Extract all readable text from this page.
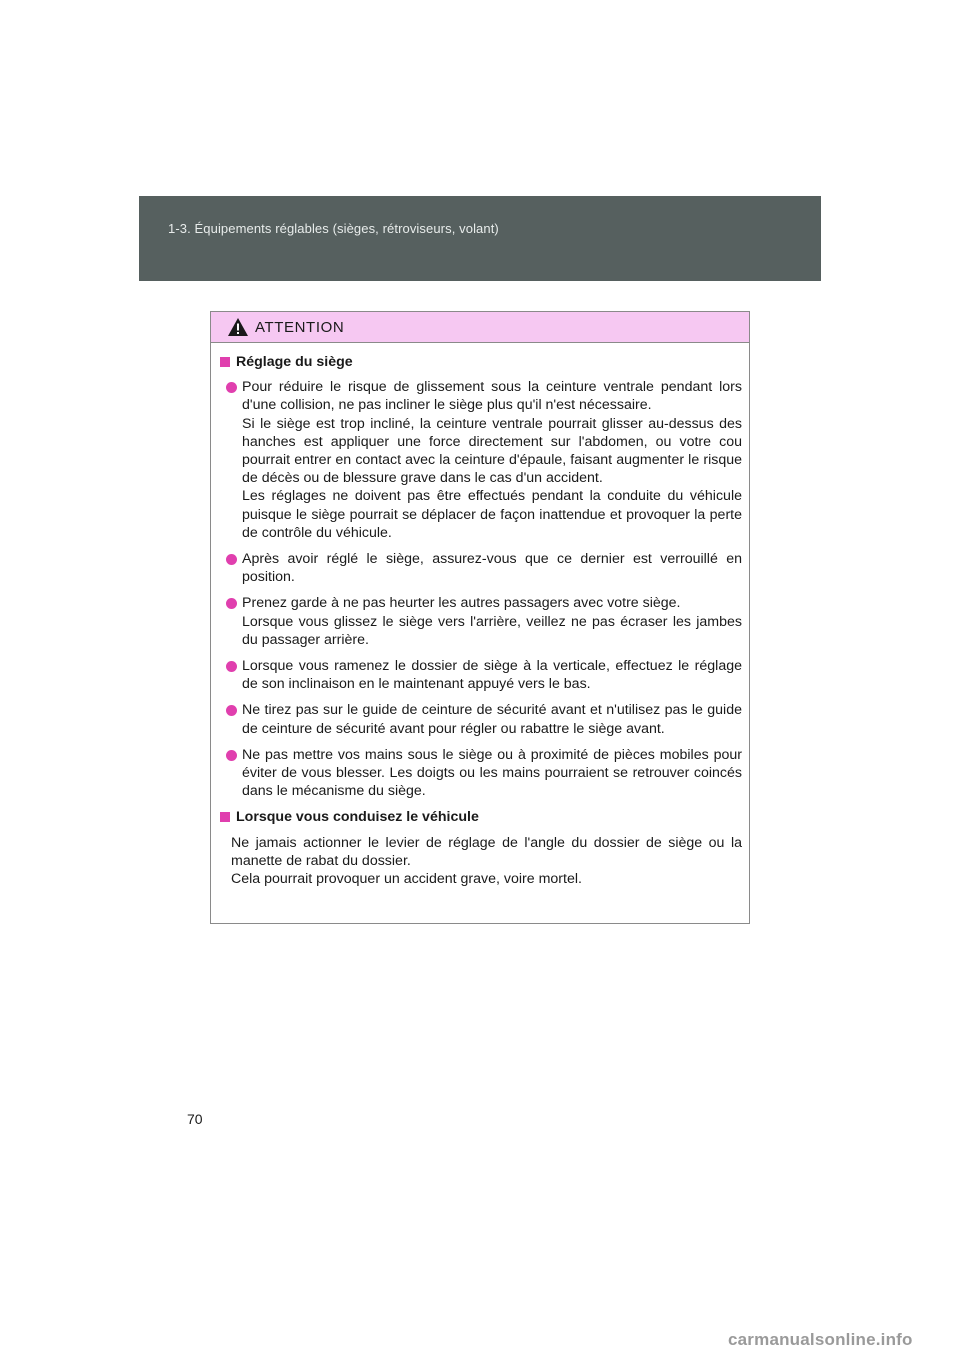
1-3. Équipements réglables (sièges, rétroviseurs, volant)
ATTENTION
Réglage du siège
Pour réduire le risque de glissement sous la ceinture ventrale pendant lors d'une collision, ne pas incliner le siège plus qu'il n'est nécessaire.
Si le siège est trop incliné, la ceinture ventrale pourrait glisser au-dessus des hanches est appliquer une force directement sur l'abdomen, ou votre cou pourrait entrer en contact avec la ceinture d'épaule, faisant augmenter le risque de décès ou de blessure grave dans le cas d'un accident.
Les réglages ne doivent pas être effectués pendant la conduite du véhicule puisque le siège pourrait se déplacer de façon inattendue et provoquer la perte de contrôle du véhicule.
Après avoir réglé le siège, assurez-vous que ce dernier est verrouillé en position.
Prenez garde à ne pas heurter les autres passagers avec votre siège.
Lorsque vous glissez le siège vers l'arrière, veillez ne pas écraser les jambes du passager arrière.
Lorsque vous ramenez le dossier de siège à la verticale, effectuez le réglage de son inclinaison en le maintenant appuyé vers le bas.
Ne tirez pas sur le guide de ceinture de sécurité avant et n'utilisez pas le guide de ceinture de sécurité avant pour régler ou rabattre le siège avant.
Ne pas mettre vos mains sous le siège ou à proximité de pièces mobiles pour éviter de vous blesser. Les doigts ou les mains pourraient se retrouver coincés dans le mécanisme du siège.
Lorsque vous conduisez le véhicule
Ne jamais actionner le levier de réglage de l'angle du dossier de siège ou la manette de rabat du dossier.
Cela pourrait provoquer un accident grave, voire mortel.
70
carmanualsonline.info
